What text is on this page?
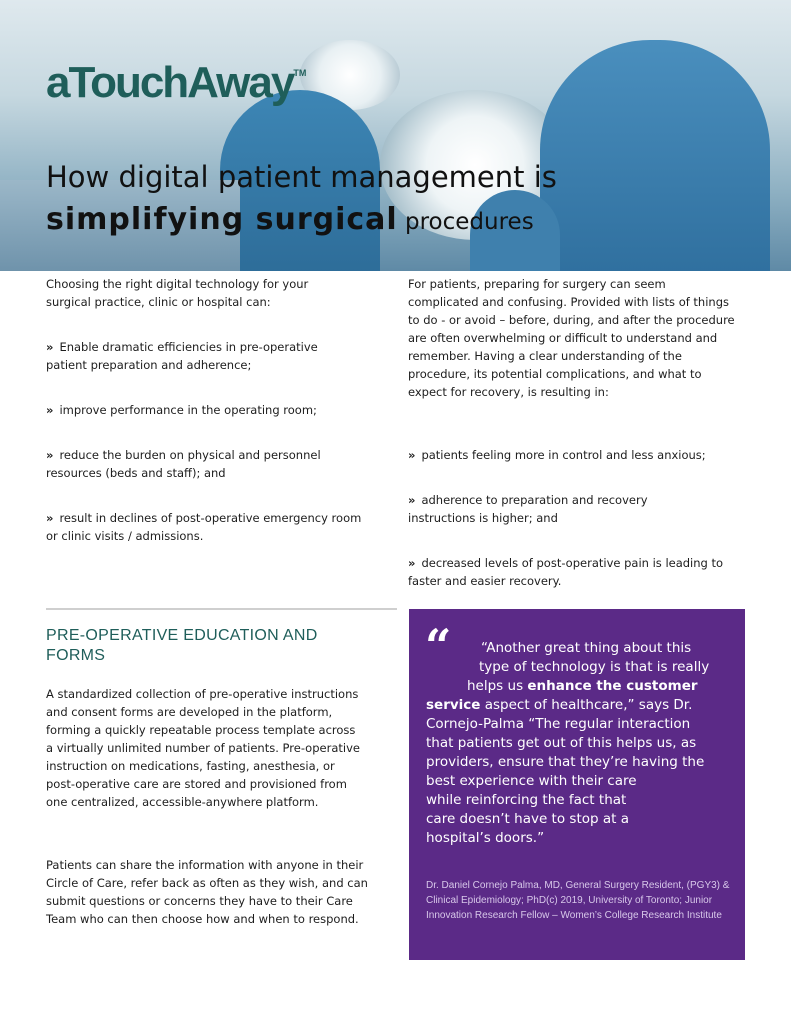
aTouchAway™
How digital patient management is
simplifying surgical procedures
Choosing the right digital technology for your surgical practice, clinic or hospital can:
» Enable dramatic efficiencies in pre-operative patient preparation and adherence;
» improve performance in the operating room;
» reduce the burden on physical and personnel resources (beds and staff); and
» result in declines of post-operative emergency room or clinic visits / admissions.
For patients, preparing for surgery can seem complicated and confusing. Provided with lists of things to do - or avoid – before, during, and after the procedure are often overwhelming or difficult to understand and remember. Having a clear understanding of the procedure, its potential complications, and what to expect for recovery, is resulting in:
» patients feeling more in control and less anxious;
» adherence to preparation and recovery instructions is higher; and
» decreased levels of post-operative pain is leading to faster and easier recovery.
PRE-OPERATIVE EDUCATION AND FORMS
A standardized collection of pre-operative instructions and consent forms are developed in the platform, forming a quickly repeatable process template across a virtually unlimited number of patients. Pre-operative instruction on medications, fasting, anesthesia, or post-operative care are stored and provisioned from one centralized, accessible-anywhere platform.
Patients can share the information with anyone in their Circle of Care, refer back as often as they wish, and can submit questions or concerns they have to their Care Team who can then choose how and when to respond.
“ “Another great thing about this
type of technology is that is really
helps us enhance the customer
service aspect of healthcare,” says Dr.
Cornejo-Palma “The regular interaction
that patients get out of this helps us, as
providers, ensure that they’re having the
best experience with their care
while reinforcing the fact that
care doesn’t have to stop at a
hospital’s doors.”
Dr. Daniel Cornejo Palma, MD, General Surgery Resident, (PGY3) & Clinical Epidemiology; PhD(c) 2019, University of Toronto; Junior Innovation Research Fellow – Women’s College Research Institute
